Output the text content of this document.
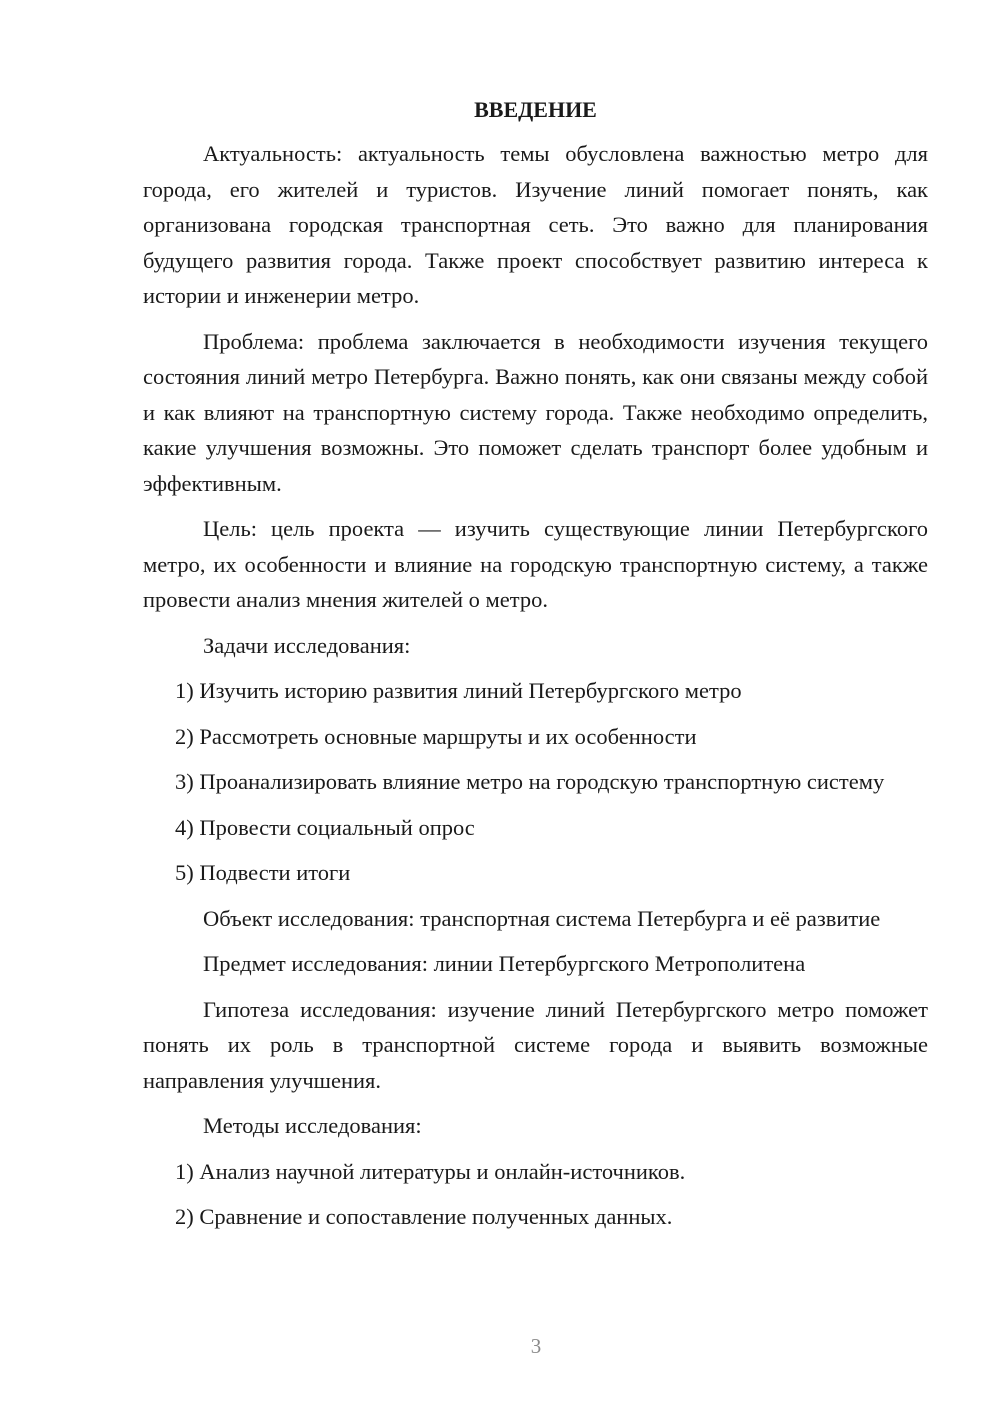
ВВЕДЕНИЕ

Актуальность: актуальность темы обусловлена важностью метро для города, его жителей и туристов. Изучение линий помогает понять, как организована городская транспортная сеть. Это важно для планирования будущего развития города. Также проект способствует развитию интереса к истории и инженерии метро.

Проблема: проблема заключается в необходимости изучения текущего состояния линий метро Петербурга. Важно понять, как они связаны между собой и как влияют на транспортную систему города. Также необходимо определить, какие улучшения возможны. Это поможет сделать транспорт более удобным и эффективным.

Цель: цель проекта — изучить существующие линии Петербургского метро, их особенности и влияние на городскую транспортную систему, а также провести анализ мнения жителей о метро.

Задачи исследования:

1) Изучить историю развития линий Петербургского метро

2) Рассмотреть основные маршруты и их особенности

3) Проанализировать влияние метро на городскую транспортную систему

4) Провести социальный опрос

5) Подвести итоги

Объект исследования: транспортная система Петербурга и её развитие

Предмет исследования: линии Петербургского Метрополитена

Гипотеза исследования: изучение линий Петербургского метро поможет понять их роль в транспортной системе города и выявить возможные направления улучшения.

Методы исследования:

1) Анализ научной литературы и онлайн-источников.

2) Сравнение и сопоставление полученных данных.

3
